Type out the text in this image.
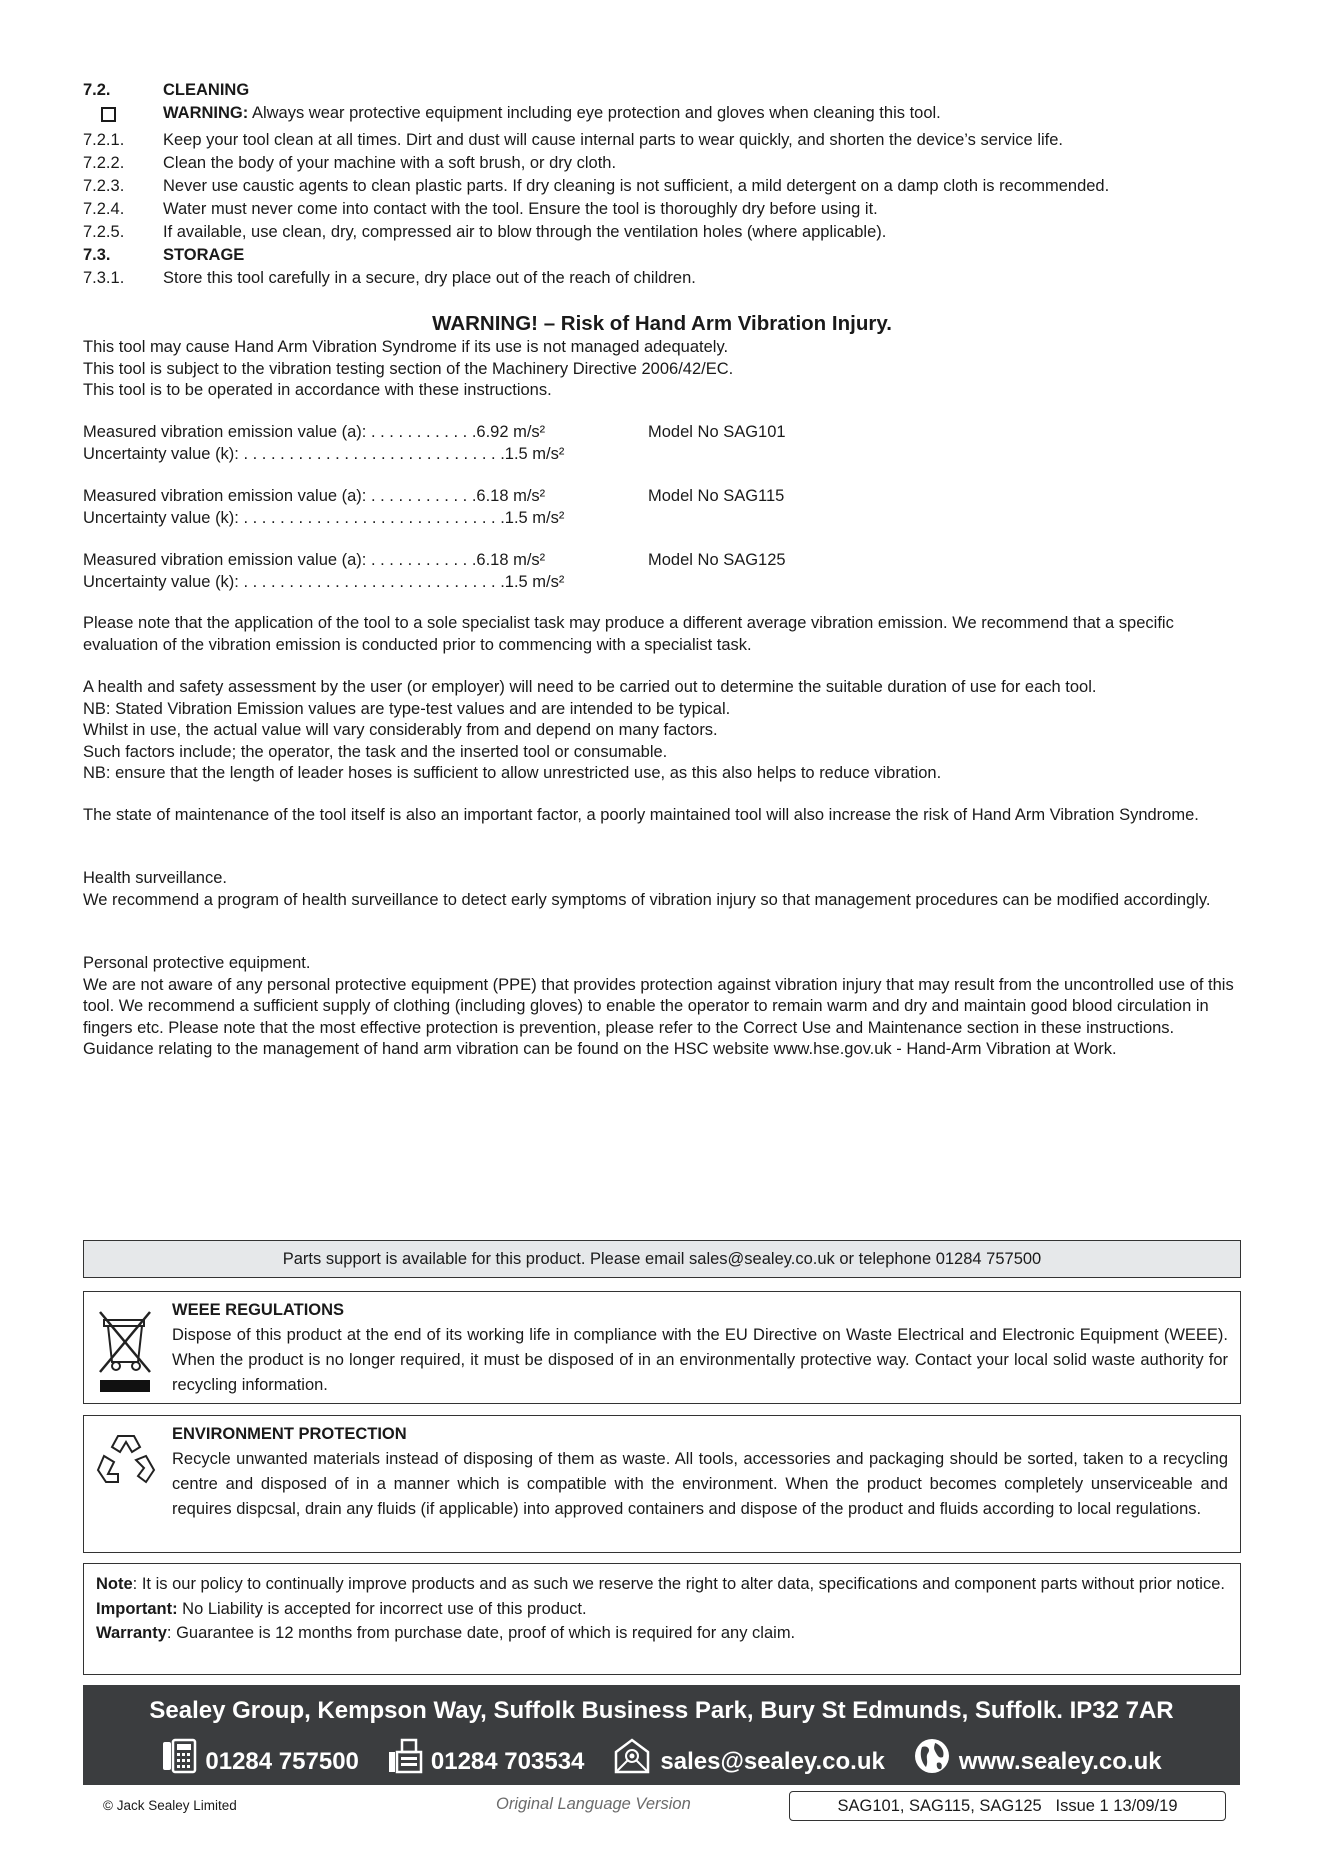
7.2.	CLEANING
WARNING: Always wear protective equipment including eye protection and gloves when cleaning this tool.
7.2.1.	Keep your tool clean at all times. Dirt and dust will cause internal parts to wear quickly, and shorten the device’s service life.
7.2.2.	Clean the body of your machine with a soft brush, or dry cloth.
7.2.3.	Never use caustic agents to clean plastic parts. If dry cleaning is not sufficient, a mild detergent on a damp cloth is recommended.
7.2.4.	Water must never come into contact with the tool. Ensure the tool is thoroughly dry before using it.
7.2.5.	If available, use clean, dry, compressed air to blow through the ventilation holes (where applicable).
7.3.	STORAGE
7.3.1.	Store this tool carefully in a secure, dry place out of the reach of children.
WARNING! – Risk of Hand Arm Vibration Injury.

This tool may cause Hand Arm Vibration Syndrome if its use is not managed adequately.

This tool is subject to the vibration testing section of the Machinery Directive 2006/42/EC.

This tool is to be operated in accordance with these instructions.

Measured vibration emission value (a): . . . . . . . . . . . .6.92 m/s²	Model No SAG101
Uncertainty value (k): . . . . . . . . . . . . . . . . . . . . . . . . . . . . .1.5 m/s²
Measured vibration emission value (a): . . . . . . . . . . . .6.18 m/s²	Model No SAG115
Uncertainty value (k): . . . . . . . . . . . . . . . . . . . . . . . . . . . . .1.5 m/s²
Measured vibration emission value (a): . . . . . . . . . . . .6.18 m/s²	Model No SAG125
Uncertainty value (k): . . . . . . . . . . . . . . . . . . . . . . . . . . . . .1.5 m/s²

Please note that the application of the tool to a sole specialist task may produce a different average vibration emission. We recommend that a specific evaluation of the vibration emission is conducted prior to commencing with a specialist task.

A health and safety assessment by the user (or employer) will need to be carried out to determine the suitable duration of use for each tool.

NB: Stated Vibration Emission values are type-test values and are intended to be typical.

Whilst in use, the actual value will vary considerably from and depend on many factors.

Such factors include; the operator, the task and the inserted tool or consumable.

NB: ensure that the length of leader hoses is sufficient to allow unrestricted use, as this also helps to reduce vibration.

The state of maintenance of the tool itself is also an important factor, a poorly maintained tool will also increase the risk of Hand Arm Vibration Syndrome.

Health surveillance.

We recommend a program of health surveillance to detect early symptoms of vibration injury so that management procedures can be modified accordingly.

Personal protective equipment.

We are not aware of any personal protective equipment (PPE) that provides protection against vibration injury that may result from the uncontrolled use of this tool. We recommend a sufficient supply of clothing (including gloves) to enable the operator to remain warm and dry and maintain good blood circulation in fingers etc. Please note that the most effective protection is prevention, please refer to the Correct Use and Maintenance section in these instructions. Guidance relating to the management of hand arm vibration can be found on the HSC website www.hse.gov.uk - Hand-Arm Vibration at Work.

Parts support is available for this product. Please email sales@sealey.co.uk or telephone 01284 757500
WEEE REGULATIONS
Dispose of this product at the end of its working life in compliance with the EU Directive on Waste Electrical and Electronic Equipment (WEEE). When the product is no longer required, it must be disposed of in an environmentally protective way. Contact your local solid waste authority for recycling information.
ENVIRONMENT PROTECTION
Recycle unwanted materials instead of disposing of them as waste. All tools, accessories and packaging should be sorted, taken to a recycling centre and disposed of in a manner which is compatible with the environment. When the product becomes completely unserviceable and requires dispcsal, drain any fluids (if applicable) into approved containers and dispose of the product and fluids according to local regulations.
Note: It is our policy to continually improve products and as such we reserve the right to alter data, specifications and component parts without prior notice.
Important: No Liability is accepted for incorrect use of this product.
Warranty: Guarantee is 12 months from purchase date, proof of which is required for any claim.
Sealey Group, Kempson Way, Suffolk Business Park, Bury St Edmunds, Suffolk. IP32 7AR
01284 757500	01284 703534	sales@sealey.co.uk	www.sealey.co.uk
© Jack Sealey Limited	Original Language Version	SAG101, SAG115, SAG125   Issue 1 13/09/19
